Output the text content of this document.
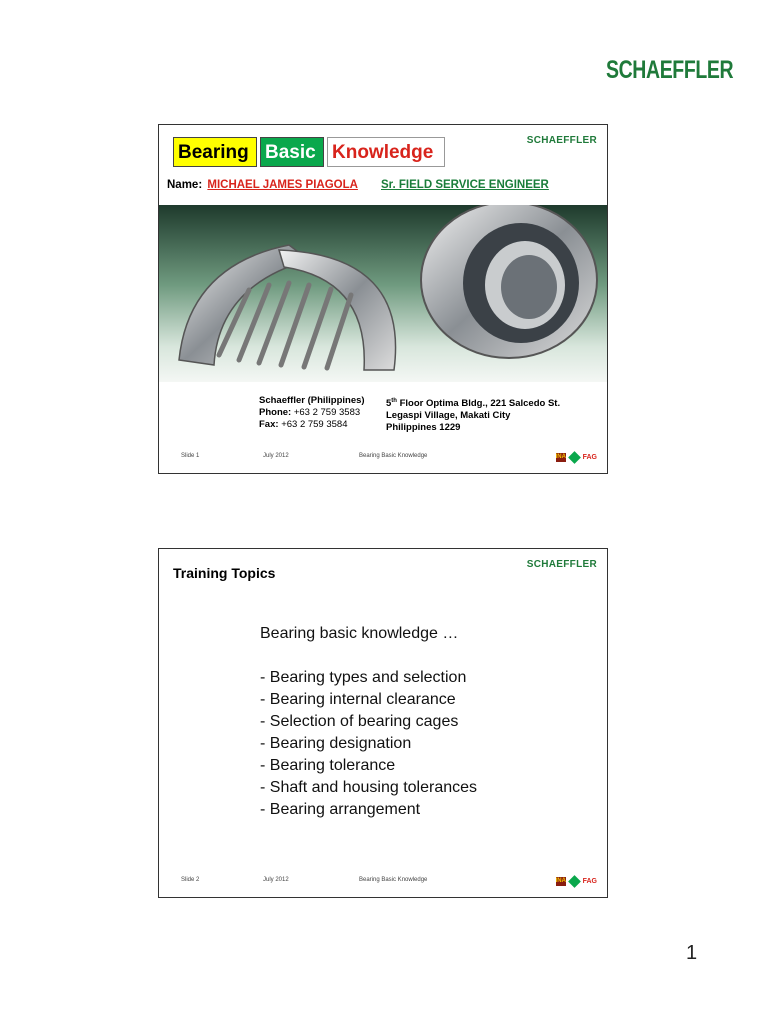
SCHAEFFLER
Bearing Basic Knowledge
SCHAEFFLER
Name: MICHAEL JAMES PIAGOLA Sr. FIELD SERVICE ENGINEER
Schaeffler (Philippines)
Phone: +63 2 759 3583
Fax: +63 2 759 3584
5th Floor Optima Bldg., 221 Salcedo St.
Legaspi Village, Makati City
Philippines 1229
Slide 1	July 2012	Bearing Basic Knowledge	INA FAG
Training Topics
SCHAEFFLER
Bearing basic knowledge …
- Bearing types and selection
- Bearing internal clearance
- Selection of bearing cages
- Bearing designation
- Bearing tolerance
- Shaft and housing tolerances
- Bearing arrangement
Slide 2	July 2012	Bearing Basic Knowledge	INA FAG
1
